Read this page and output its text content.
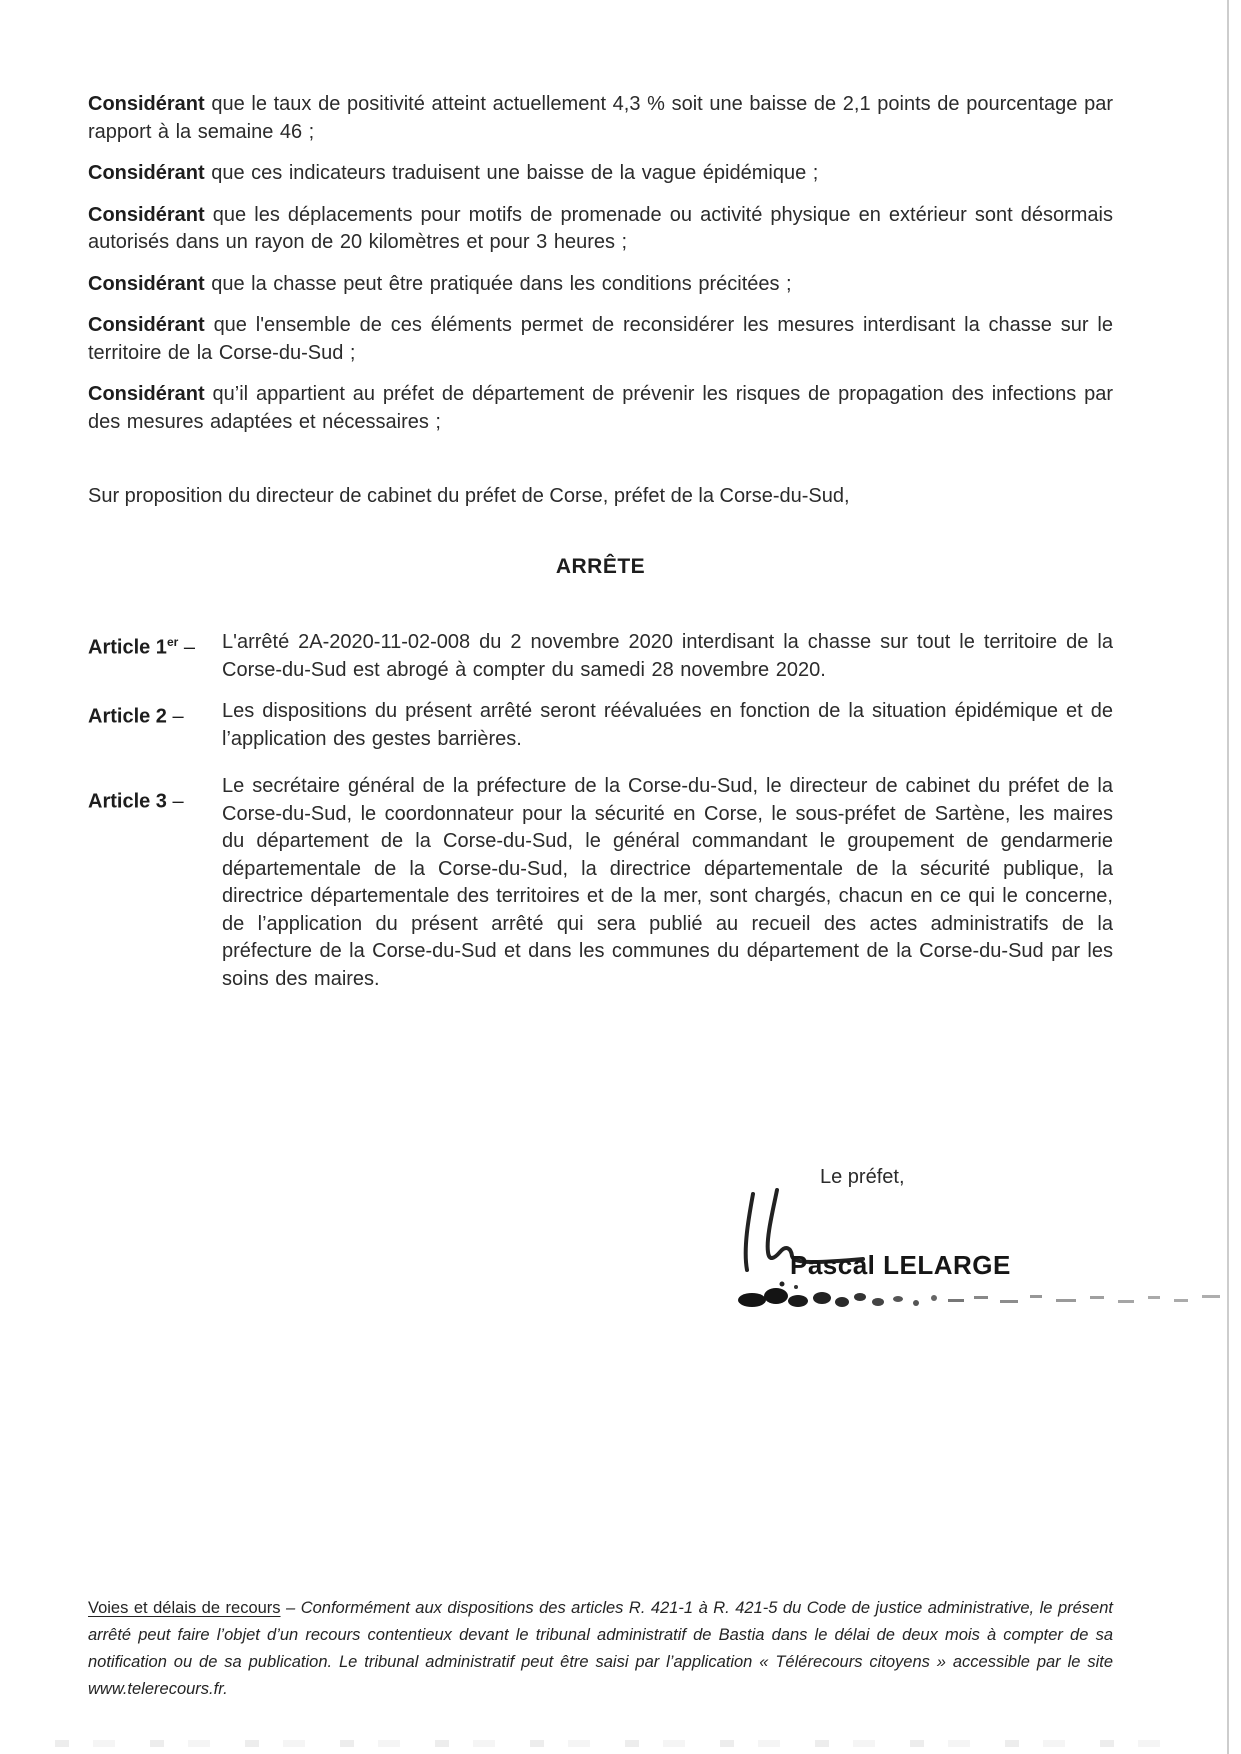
Considérant que le taux de positivité atteint actuellement 4,3 % soit une baisse de 2,1 points de pourcentage par rapport à la semaine 46 ;

Considérant que ces indicateurs traduisent une baisse de la vague épidémique ;

Considérant que les déplacements pour motifs de promenade ou activité physique en extérieur sont désormais autorisés dans un rayon de 20 kilomètres et pour 3 heures ;

Considérant que la chasse peut être pratiquée dans les conditions précitées ;

Considérant que l'ensemble de ces éléments permet de reconsidérer les mesures interdisant la chasse sur le territoire de la Corse-du-Sud ;

Considérant qu’il appartient au préfet de département de prévenir les risques de propagation des infections par des mesures adaptées et nécessaires ;

Sur proposition du directeur de cabinet du préfet de Corse, préfet de la Corse-du-Sud,

ARRÊTE
Article 1er –	L'arrêté 2A-2020-11-02-008 du 2 novembre 2020 interdisant la chasse sur tout le territoire de la Corse-du-Sud est abrogé à compter du samedi 28 novembre 2020.
Article 2 –	Les dispositions du présent arrêté seront réévaluées en fonction de la situation épidémique et de l’application des gestes barrières.
Article 3 –
Le secrétaire général de la préfecture de la Corse-du-Sud, le directeur de cabinet du préfet de la Corse-du-Sud, le coordonnateur pour la sécurité en Corse, le sous-préfet de Sartène, les maires du département de la Corse-du-Sud, le général commandant le groupement de gendarmerie départementale de la Corse-du-Sud, la directrice départementale de la sécurité publique, la directrice départementale des territoires et de la mer, sont chargés, chacun en ce qui le concerne, de l’application du présent arrêté qui sera publié au recueil des actes administratifs de la préfecture de la Corse-du-Sud et dans les communes du département de la Corse-du-Sud par les soins des maires.
Le préfet,
Pascal LELARGE

Voies et délais de recours – Conformément aux dispositions des articles R. 421-1 à R. 421-5 du Code de justice administrative, le présent arrêté peut faire l’objet d’un recours contentieux devant le tribunal administratif de Bastia dans le délai de deux mois à compter de sa notification ou de sa publication. Le tribunal administratif peut être saisi par l’application « Télérecours citoyens » accessible par le site www.telerecours.fr.
